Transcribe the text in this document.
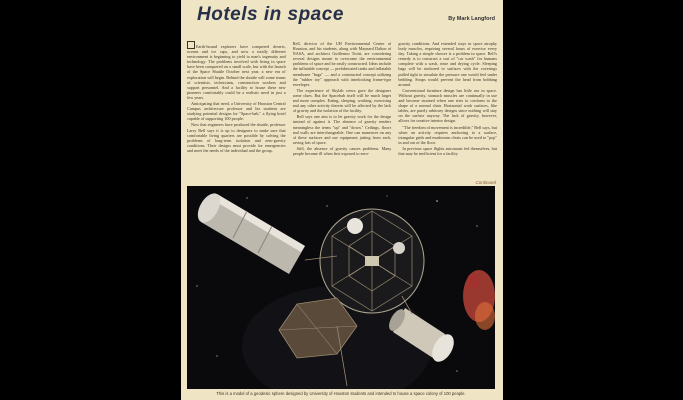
Hotels in space	By Mark Langford

Earth-bound explorers have conquered deserts, oceans and ice caps, and now a totally different environment is beginning to yield to man's ingenuity and technology. The problems involved with living in space have been conquered on a small scale, but with the launch of the Space Shuttle October next year, a new era of exploration will begin. Behind the shuttle will come teams of scientists, technicians, construction workers and support personnel. And a facility to house these new pioneers comfortably could be a realistic need in just a few years.

Anticipating that need, a University of Houston Central Campus architecture professor and his students are studying potential designs for "Space-hab," a flying hotel capable of supporting 100 people.

Now that engineers have produced the shuttle, professor Larry Bell says it is up to designers to make sure that comfortable living quarters are possible by solving the problems of long-term isolation and zero-gravity conditions. Their designs must provide for emergencies and meet the needs of the individual and the group.

Bell, director of the UH Environmental Center of Houston, and his students, along with Maynard Dalton of NASA, and architect Guillermo Trotti, are considering several designs meant to overcome the environmental problems of space and be easily constructed. Ideas include the inflatable concept — prefabricated tanks and inflatable membrane "bags" — and a constructed concept utilizing the "rubber toy" approach with interlocking frame-type envelopes.

The experience of Skylab crews gave the designers some clues. But the Spacehab itself will be much larger and more complex. Eating, sleeping, working, exercising and any other activity therein will be affected by the lack of gravity and the isolation of the facility.

Bell says one aim is to let gravity work for the design instead of against it. The absence of gravity renders meaningless the terms "up" and "down." Ceilings, floors and walls are interchangeable. One can maneuver on any of these surfaces and use equipment jutting from each, saving lots of space.

Still, the absence of gravity causes problems. Many people become ill when first exposed to zero-

gravity conditions. And extended stays in space atrophy body muscles, requiring several hours of exercise every day. Taking a simple shower is a problem in space. Bell's remedy is to construct a sort of "car wash" for humans complete with a wash, rinse and drying cycle. Sleeping bags will be anchored to surfaces with the coverings pulled tight to simulate the pressure one would feel under bedding. Straps would prevent the head from bobbing around.

Conventional furniture design has little use in space. Without gravity, stomach muscles are continually in use and become strained when one tries to conform to the shape of a normal chair. Horizontal work surfaces, like tables, are purely arbitrary designs since nothing will stay on the surface anyway. The lack of gravity, however, allows for creative interior design.

"The freedom of movement is incredible," Bell says, but when an activity requires anchoring to a surface, triangular grids and mushroom cleats can be used to "pop" in and out of the floor.

In previous space flights astronauts fed themselves, but that may be inefficient for a facility

Continued
This is a model of a geodesic sphere designed by University of Houston students and intended to house a space colony of 100 people.
